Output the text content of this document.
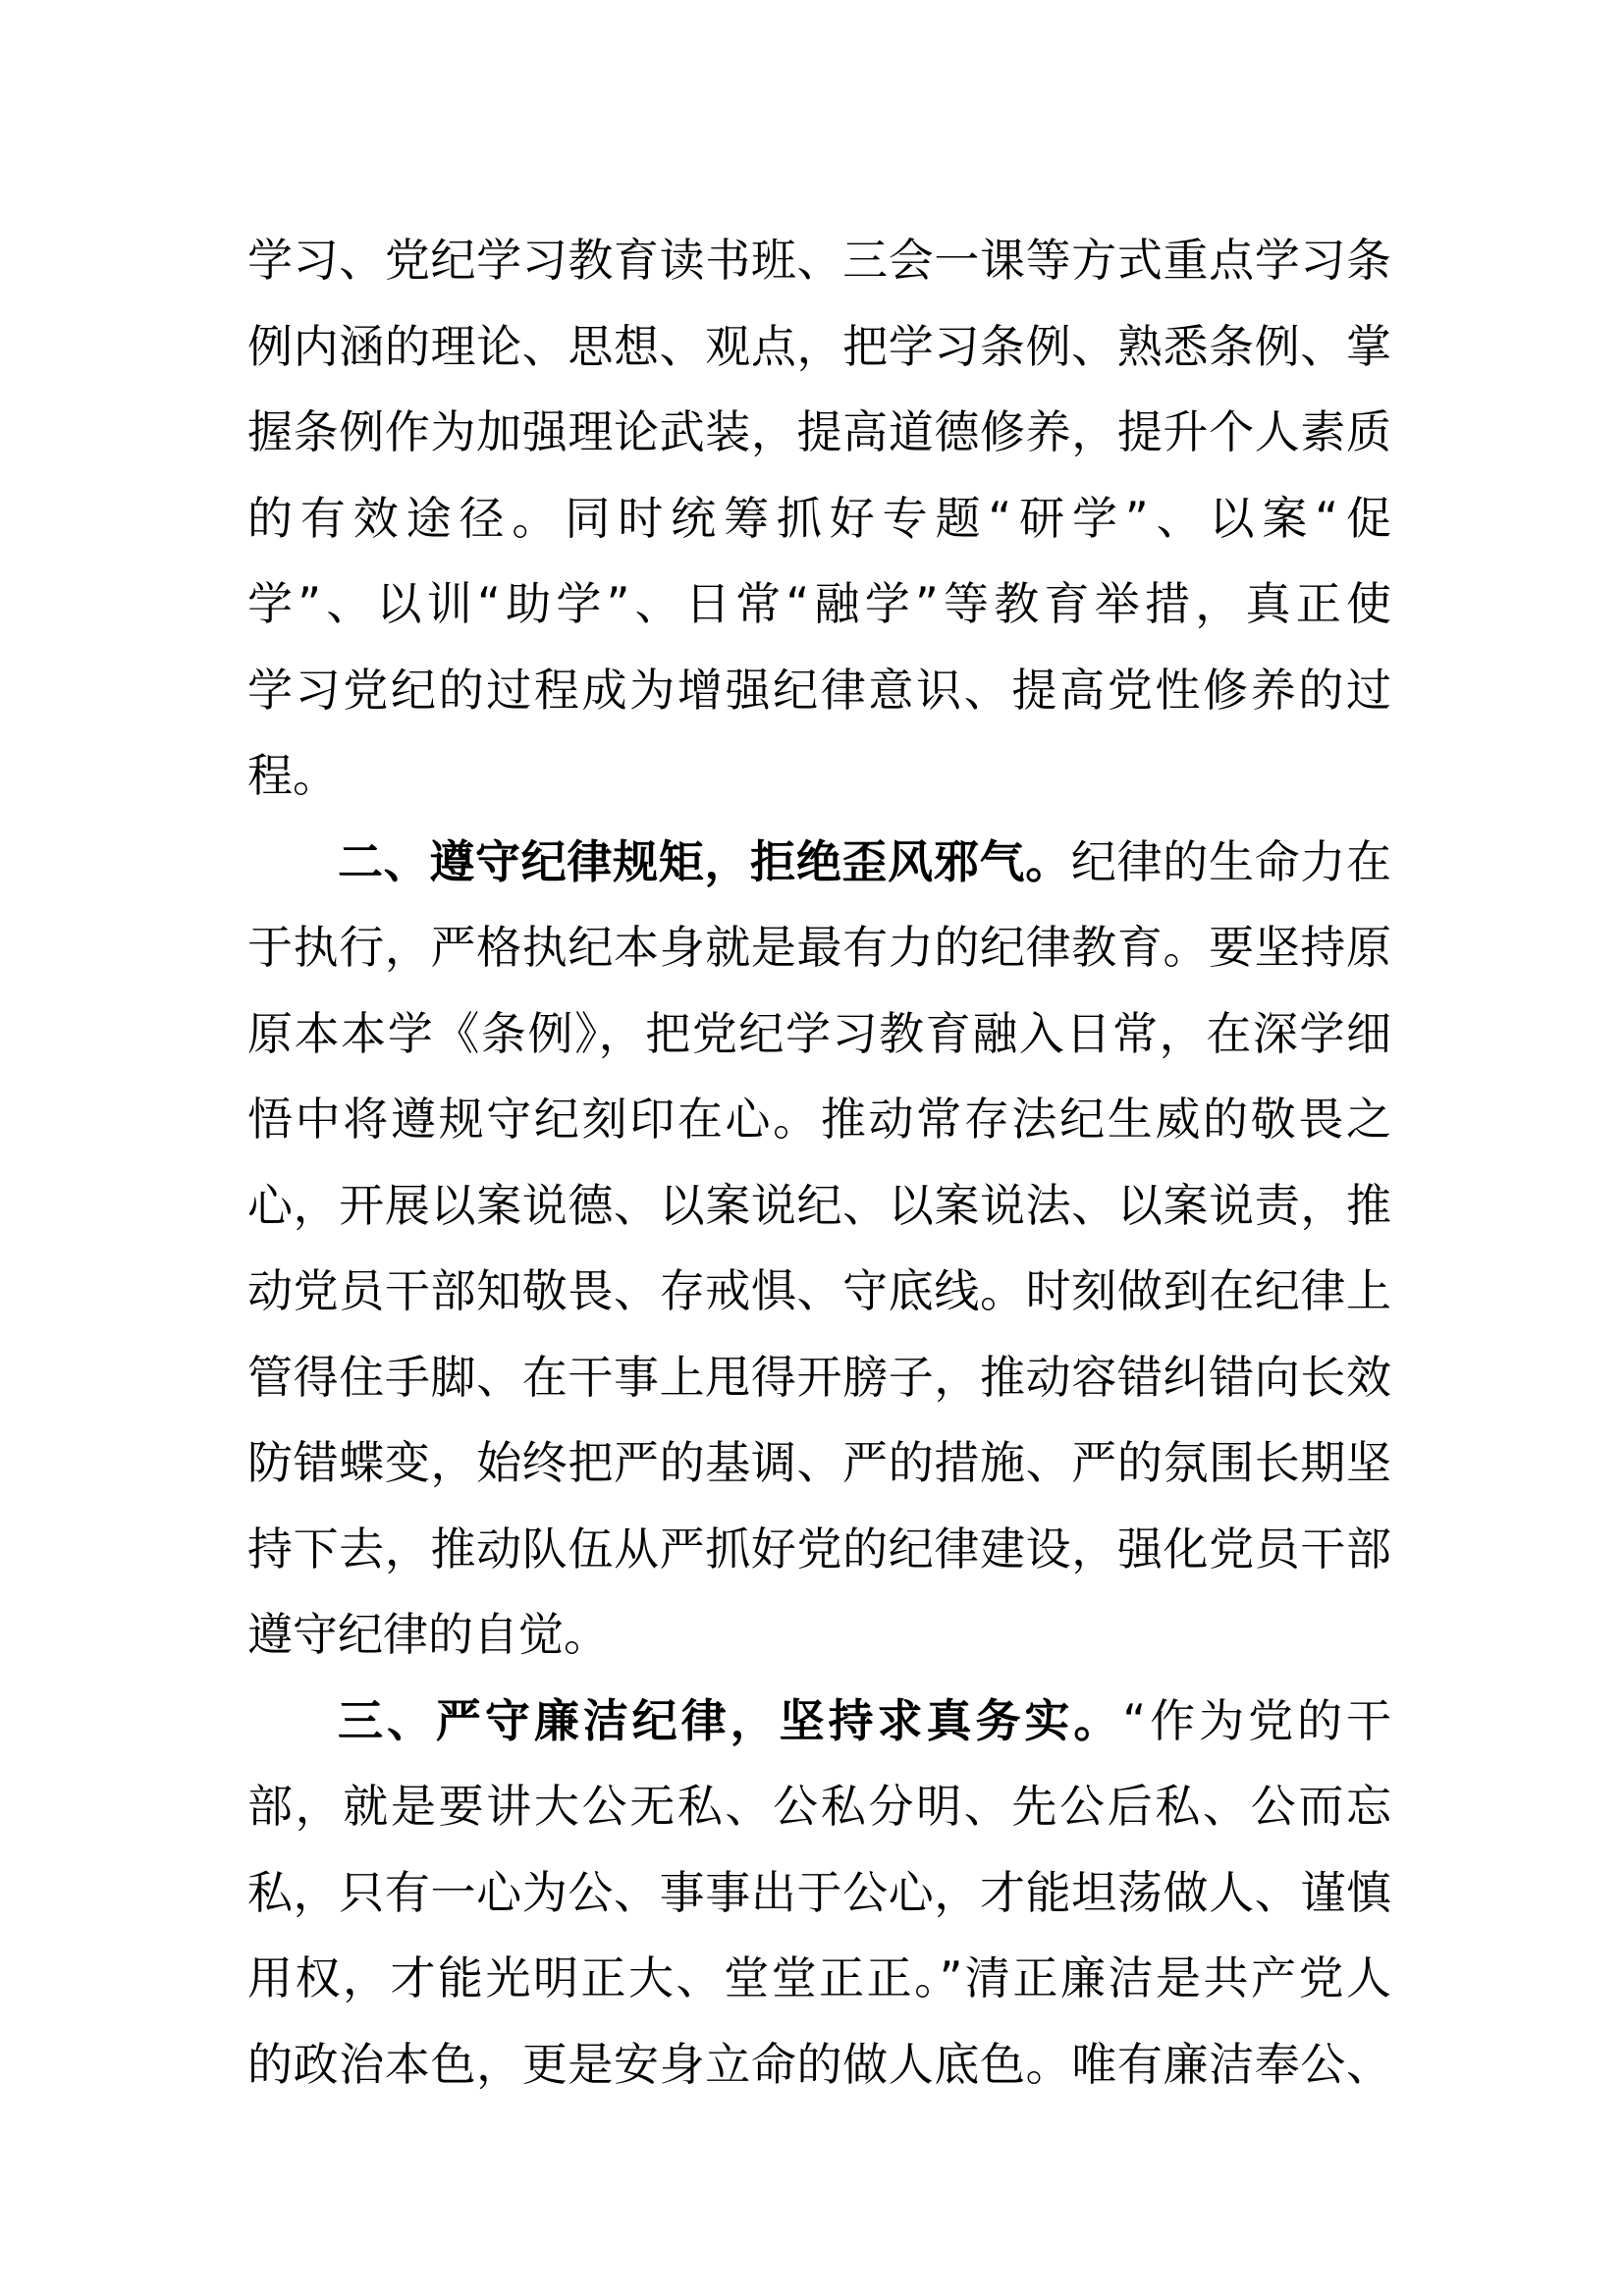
学习、党纪学习教育读书班、三会一课等方式重点学习条
例内涵的理论、思想、观点，把学习条例、熟悉条例、掌
握条例作为加强理论武装，提高道德修养，提升个人素质
的有效途径。同时统筹抓好专题“研学”、以案“促
学”、以训“助学”、日常“融学”等教育举措，真正使
学习党纪的过程成为增强纪律意识、提高党性修养的过
程。
二、遵守纪律规矩，拒绝歪风邪气。纪律的生命力在
于执行，严格执纪本身就是最有力的纪律教育。要坚持原
原本本学《条例》，把党纪学习教育融入日常，在深学细
悟中将遵规守纪刻印在心。推动常存法纪生威的敬畏之
心，开展以案说德、以案说纪、以案说法、以案说责，推
动党员干部知敬畏、存戒惧、守底线。时刻做到在纪律上
管得住手脚、在干事上甩得开膀子，推动容错纠错向长效
防错蝶变，始终把严的基调、严的措施、严的氛围长期坚
持下去，推动队伍从严抓好党的纪律建设，强化党员干部
遵守纪律的自觉。
三、严守廉洁纪律，坚持求真务实。“作为党的干
部，就是要讲大公无私、公私分明、先公后私、公而忘
私，只有一心为公、事事出于公心，才能坦荡做人、谨慎
用权，才能光明正大、堂堂正正。”清正廉洁是共产党人
的政治本色，更是安身立命的做人底色。唯有廉洁奉公、
